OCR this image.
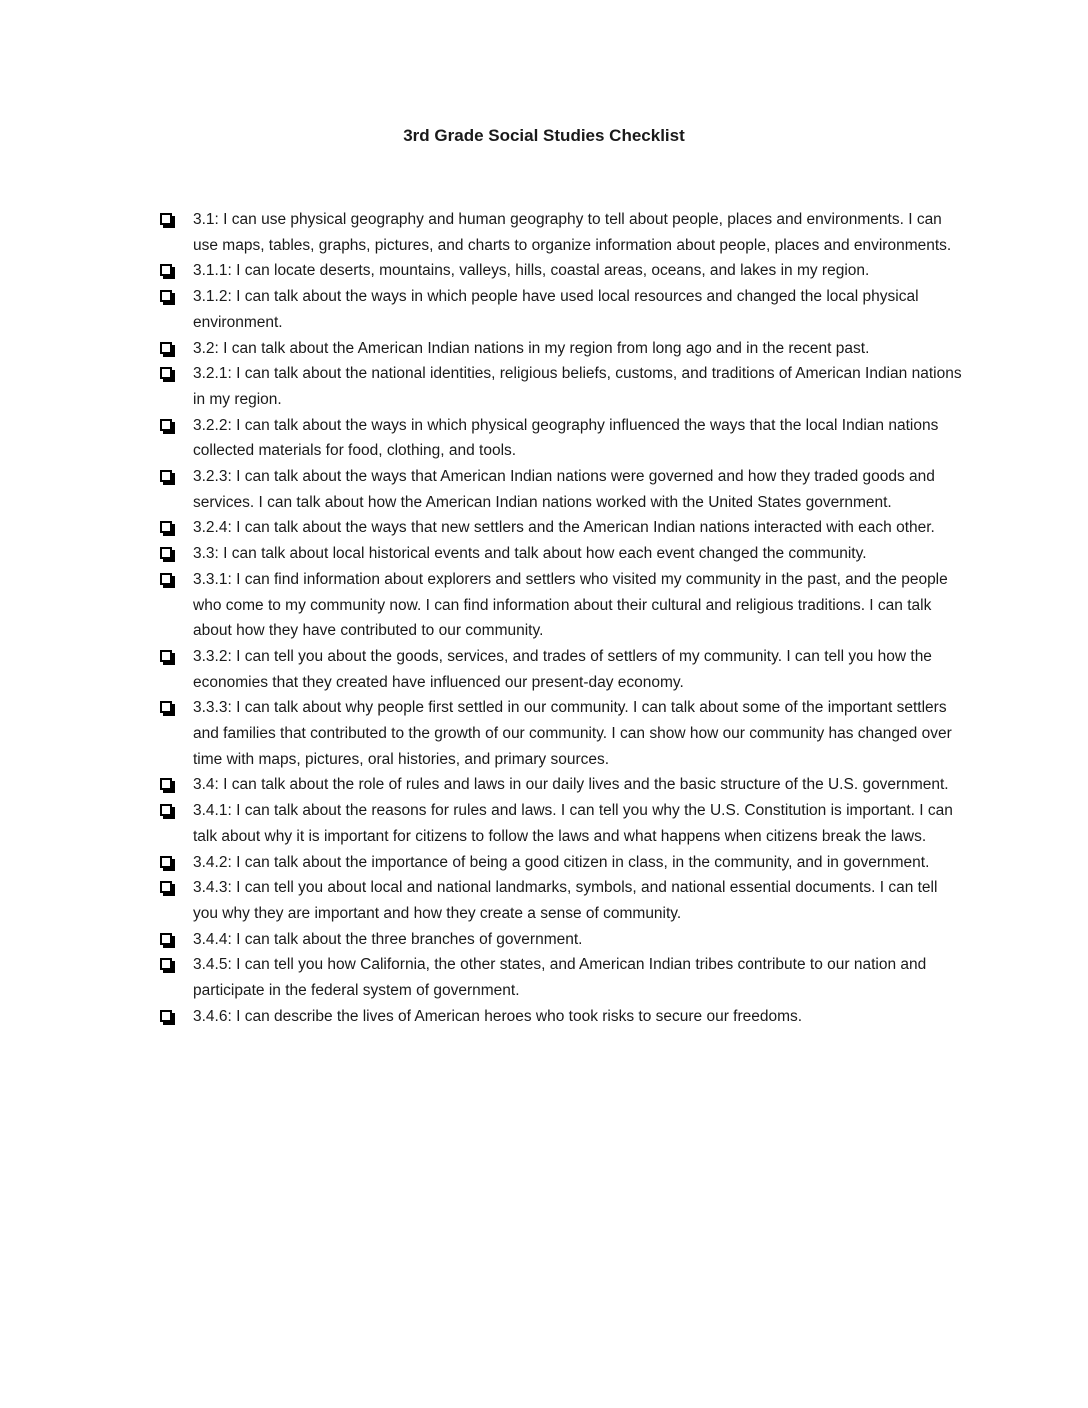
3rd Grade Social Studies Checklist
3.1: I can use physical geography and human geography to tell about people, places and environments. I can use maps, tables, graphs, pictures, and charts to organize information about people, places and environments.
3.1.1: I can locate deserts, mountains, valleys, hills, coastal areas, oceans, and lakes in my region.
3.1.2: I can talk about the ways in which people have used local resources and changed the local physical environment.
3.2: I can talk about the American Indian nations in my region from long ago and in the recent past.
3.2.1: I can talk about the national identities, religious beliefs, customs, and traditions of American Indian nations in my region.
3.2.2: I can talk about the ways in which physical geography influenced the ways that the local Indian nations collected materials for food, clothing, and tools.
3.2.3: I can talk about the ways that American Indian nations were governed and how they traded goods and services. I can talk about how the American Indian nations worked with the United States government.
3.2.4: I can talk about the ways that new settlers and the American Indian nations interacted with each other.
3.3: I can talk about local historical events and talk about how each event changed the community.
3.3.1: I can find information about explorers and settlers who visited my community in the past, and the people who come to my community now. I can find information about their cultural and religious traditions. I can talk about how they have contributed to our community.
3.3.2: I can tell you about the goods, services, and trades of settlers of my community. I can tell you how the economies that they created have influenced our present-day economy.
3.3.3: I can talk about why people first settled in our community. I can talk about some of the important settlers and families that contributed to the growth of our community. I can show how our community has changed over time with maps, pictures, oral histories, and primary sources.
3.4: I can talk about the role of rules and laws in our daily lives and the basic structure of the U.S. government.
3.4.1: I can talk about the reasons for rules and laws. I can tell you why the U.S. Constitution is important. I can talk about why it is important for citizens to follow the laws and what happens when citizens break the laws.
3.4.2: I can talk about the importance of being a good citizen in class, in the community, and in government.
3.4.3: I can tell you about local and national landmarks, symbols, and national essential documents. I can tell you why they are important and how they create a sense of community.
3.4.4: I can talk about the three branches of government.
3.4.5: I can tell you how California, the other states, and American Indian tribes contribute to our nation and participate in the federal system of government.
3.4.6: I can describe the lives of American heroes who took risks to secure our freedoms.
